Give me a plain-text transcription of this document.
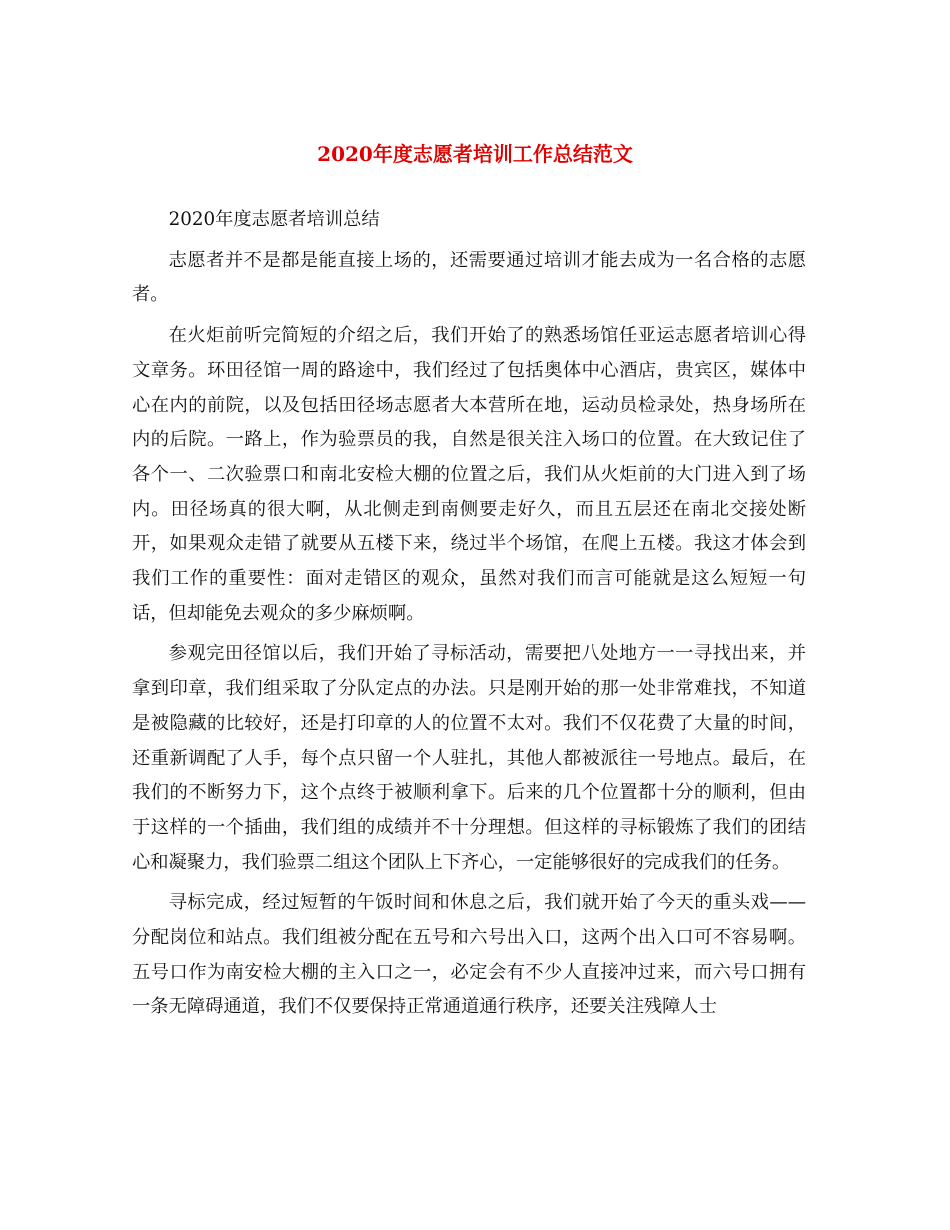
2020年度志愿者培训工作总结范文

2020年度志愿者培训总结

志愿者并不是都是能直接上场的，还需要通过培训才能去成为一名合格的志愿者。

在火炬前听完简短的介绍之后，我们开始了的熟悉场馆任亚运志愿者培训心得文章务。环田径馆一周的路途中，我们经过了包括奥体中心酒店，贵宾区，媒体中心在内的前院，以及包括田径场志愿者大本营所在地，运动员检录处，热身场所在内的后院。一路上，作为验票员的我，自然是很关注入场口的位置。在大致记住了各个一、二次验票口和南北安检大棚的位置之后，我们从火炬前的大门进入到了场内。田径场真的很大啊，从北侧走到南侧要走好久，而且五层还在南北交接处断开，如果观众走错了就要从五楼下来，绕过半个场馆，在爬上五楼。我这才体会到我们工作的重要性：面对走错区的观众，虽然对我们而言可能就是这么短短一句话，但却能免去观众的多少麻烦啊。

参观完田径馆以后，我们开始了寻标活动，需要把八处地方一一寻找出来，并拿到印章，我们组采取了分队定点的办法。只是刚开始的那一处非常难找，不知道是被隐藏的比较好，还是打印章的人的位置不太对。我们不仅花费了大量的时间，还重新调配了人手，每个点只留一个人驻扎，其他人都被派往一号地点。最后，在我们的不断努力下，这个点终于被顺利拿下。后来的几个位置都十分的顺利，但由于这样的一个插曲，我们组的成绩并不十分理想。但这样的寻标锻炼了我们的团结心和凝聚力，我们验票二组这个团队上下齐心，一定能够很好的完成我们的任务。

寻标完成，经过短暂的午饭时间和休息之后，我们就开始了今天的重头戏——分配岗位和站点。我们组被分配在五号和六号出入口，这两个出入口可不容易啊。五号口作为南安检大棚的主入口之一，必定会有不少人直接冲过来，而六号口拥有一条无障碍通道，我们不仅要保持正常通道通行秩序，还要关注残障人士
